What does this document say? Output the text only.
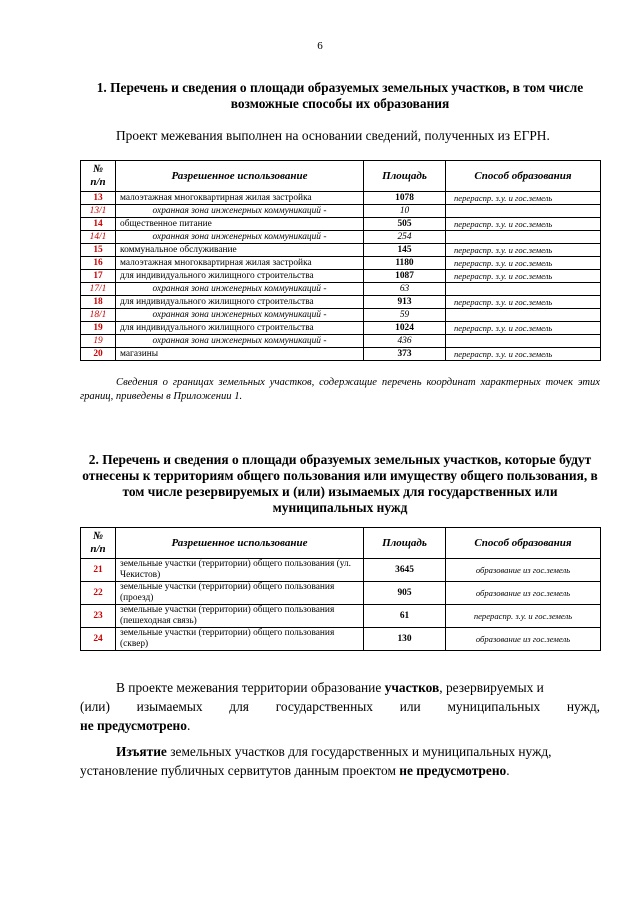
6
1. Перечень и сведения о площади образуемых земельных участков, в том числе возможные способы их образования

Проект межевания выполнен на основании сведений, полученных из ЕГРН.

№
п/п	Разрешенное использование	Площадь	Способ образования
13	малоэтажная многоквартирная жилая застройка	1078	перераспр. з.у. и гос.земель
13/1	охранная зона инженерных коммуникаций -	10	
14	общественное питание	505	перераспр. з.у. и гос.земель
14/1	охранная зона инженерных коммуникаций -	254	
15	коммунальное обслуживание	145	перераспр. з.у. и гос.земель
16	малоэтажная многоквартирная жилая застройка	1180	перераспр. з.у. и гос.земель
17	для индивидуального жилищного строительства	1087	перераспр. з.у. и гос.земель
17/1	охранная зона инженерных коммуникаций -	63	
18	для индивидуального жилищного строительства	913	перераспр. з.у. и гос.земель
18/1	охранная зона инженерных коммуникаций -	59	
19	для индивидуального жилищного строительства	1024	перераспр. з.у. и гос.земель
19	охранная зона инженерных коммуникаций -	436	
20	магазины	373	перераспр. з.у. и гос.земель

Сведения о границах земельных участков, содержащие перечень координат характерных точек этих границ, приведены в Приложении 1.

2. Перечень и сведения о площади образуемых земельных участков, которые будут отнесены к территориям общего пользования или имуществу общего пользования, в том числе резервируемых и (или) изымаемых для государственных или муниципальных нужд
№
п/п	Разрешенное использование	Площадь	Способ образования
21	земельные участки (территории) общего пользования (ул. Чекистов)	3645	образование из гос.земель
22	земельные участки (территории) общего пользования (проезд)	905	образование из гос.земель
23	земельные участки (территории) общего пользования (пешеходная связь)	61	перераспр. з.у. и гос.земель
24	земельные участки (территории) общего пользования (сквер)	130	образование из гос.земель

В проекте межевания территории образование участков, резервируемых и

(или) изымаемых для государственных или муниципальных нужд,
не предусмотрено.

Изъятие земельных участков для государственных и муниципальных нужд,

установление публичных сервитутов данным проектом не предусмотрено.
